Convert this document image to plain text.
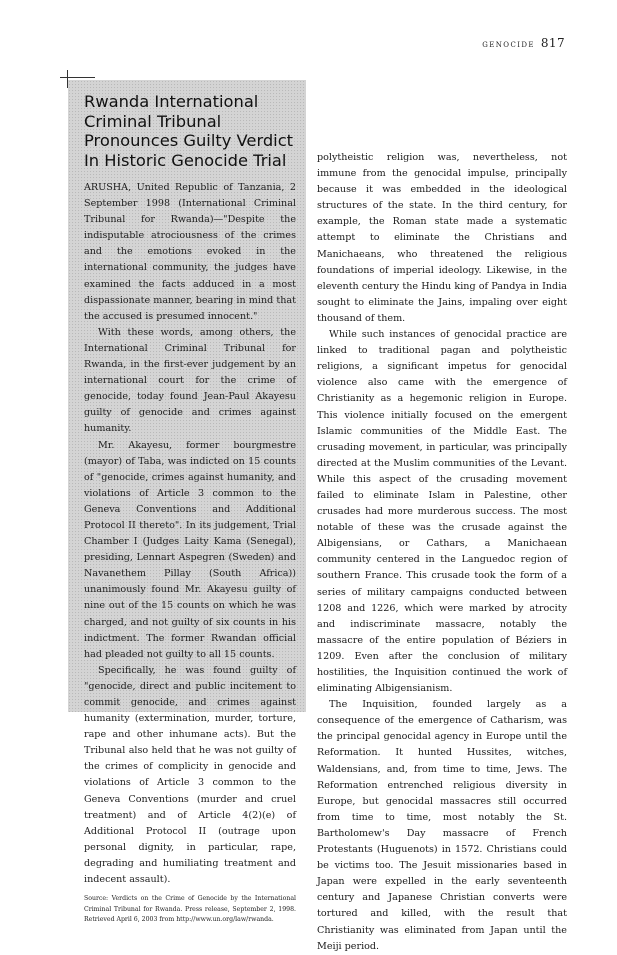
genocide 817
Rwanda International Criminal Tribunal Pronounces Guilty Verdict In Historic Genocide Trial

ARUSHA, United Republic of Tanzania, 2 September 1998 (International Criminal Tribunal for Rwanda)—"Despite the indisputable atrociousness of the crimes and the emotions evoked in the international community, the judges have examined the facts adduced in a most dispassionate manner, bearing in mind that the accused is presumed innocent."

With these words, among others, the International Criminal Tribunal for Rwanda, in the first-ever judgement by an international court for the crime of genocide, today found Jean-Paul Akayesu guilty of genocide and crimes against humanity.

Mr. Akayesu, former bourgmestre (mayor) of Taba, was indicted on 15 counts of "genocide, crimes against humanity, and violations of Article 3 common to the Geneva Conventions and Additional Protocol II thereto". In its judgement, Trial Chamber I (Judges Laity Kama (Senegal), presiding, Lennart Aspegren (Sweden) and Navanethem Pillay (South Africa)) unanimously found Mr. Akayesu guilty of nine out of the 15 counts on which he was charged, and not guilty of six counts in his indictment. The former Rwandan official had pleaded not guilty to all 15 counts.

Specifically, he was found guilty of "genocide, direct and public incitement to commit genocide, and crimes against humanity (extermination, murder, torture, rape and other inhumane acts). But the Tribunal also held that he was not guilty of the crimes of complicity in genocide and violations of Article 3 common to the Geneva Conventions (murder and cruel treatment) and of Article 4(2)(e) of Additional Protocol II (outrage upon personal dignity, in particular, rape, degrading and humiliating treatment and indecent assault).

Source: Verdicts on the Crime of Genocide by the International Criminal Tribunal for Rwanda. Press release, September 2, 1998. Retrieved April 6, 2003 from http://www.un.org/law/rwanda.

polytheistic religion was, nevertheless, not immune from the genocidal impulse, principally because it was embedded in the ideological structures of the state. In the third century, for example, the Roman state made a systematic attempt to eliminate the Christians and Manichaeans, who threatened the religious foundations of imperial ideology. Likewise, in the eleventh century the Hindu king of Pandya in India sought to eliminate the Jains, impaling over eight thousand of them.

While such instances of genocidal practice are linked to traditional pagan and polytheistic religions, a significant impetus for genocidal violence also came with the emergence of Christianity as a hegemonic religion in Europe. This violence initially focused on the emergent Islamic communities of the Middle East. The crusading movement, in particular, was principally directed at the Muslim communities of the Levant. While this aspect of the crusading movement failed to eliminate Islam in Palestine, other crusades had more murderous success. The most notable of these was the crusade against the Albigensians, or Cathars, a Manichaean community centered in the Languedoc region of southern France. This crusade took the form of a series of military campaigns conducted between 1208 and 1226, which were marked by atrocity and indiscriminate massacre, notably the massacre of the entire population of Béziers in 1209. Even after the conclusion of military hostilities, the Inquisition continued the work of eliminating Albigensianism.

The Inquisition, founded largely as a consequence of the emergence of Catharism, was the principal genocidal agency in Europe until the Reformation. It hunted Hussites, witches, Waldensians, and, from time to time, Jews. The Reformation entrenched religious diversity in Europe, but genocidal massacres still occurred from time to time, most notably the St. Bartholomew's Day massacre of French Protestants (Huguenots) in 1572. Christians could be victims too. The Jesuit missionaries based in Japan were expelled in the early seventeenth century and Japanese Christian converts were tortured and killed, with the result that Christianity was eliminated from Japan until the Meiji period.
